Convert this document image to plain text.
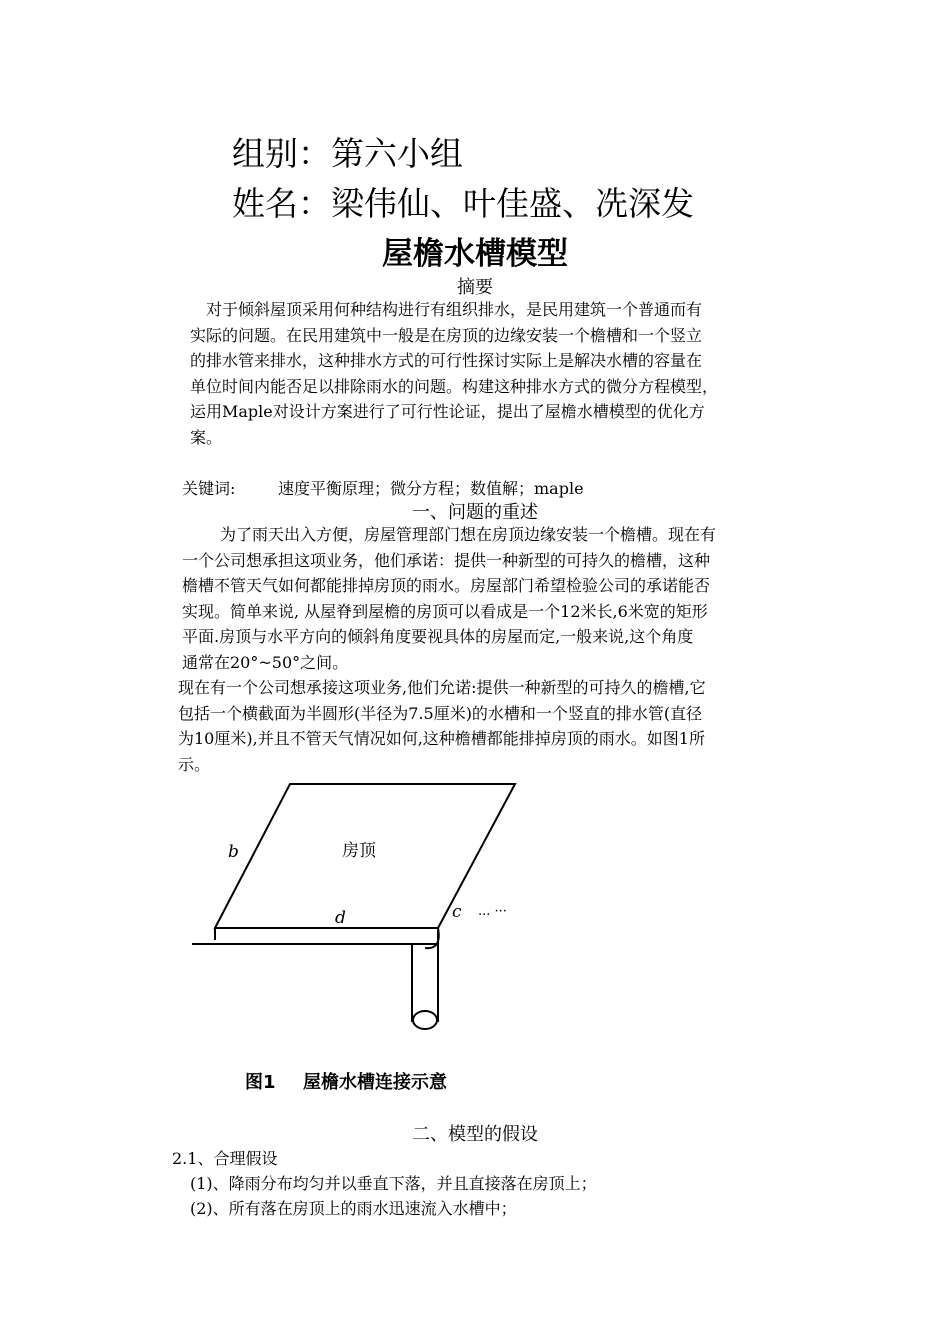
组别：第六小组
姓名：梁伟仙、叶佳盛、冼深发
屋檐水槽模型
摘要
对于倾斜屋顶采用何种结构进行有组织排水，是民用建筑一个普通而有
实际的问题。在民用建筑中一般是在房顶的边缘安装一个檐槽和一个竖立
的排水管来排水，这种排水方式的可行性探讨实际上是解决水槽的容量在
单位时间内能否足以排除雨水的问题。构建这种排水方式的微分方程模型，
运用Maple对设计方案进行了可行性论证，提出了屋檐水槽模型的优化方
案。
关键词:	速度平衡原理；微分方程；数值解；maple
一、问题的重述
为了雨天出入方便，房屋管理部门想在房顶边缘安装一个檐槽。现在有
一个公司想承担这项业务，他们承诺：提供一种新型的可持久的檐槽，这种
檐槽不管天气如何都能排掉房顶的雨水。房屋部门希望检验公司的承诺能否
实现。简单来说, 从屋脊到屋檐的房顶可以看成是一个12米长,6米宽的矩形
平面.房顶与水平方向的倾斜角度要视具体的房屋而定,一般来说,这个角度
通常在20°~50°之间。
现在有一个公司想承接这项业务,他们允诺:提供一种新型的可持久的檐槽,它
包括一个横截面为半圆形(半径为7.5厘米)的水槽和一个竖直的排水管(直径
为10厘米),并且不管天气情况如何,这种檐槽都能排掉房顶的雨水。如图1所
示。
房顶
b
d	c ... ···
图1 屋檐水槽连接示意
二、模型的假设
2.1、合理假设
(1)、降雨分布均匀并以垂直下落，并且直接落在房顶上；
(2)、所有落在房顶上的雨水迅速流入水槽中；
